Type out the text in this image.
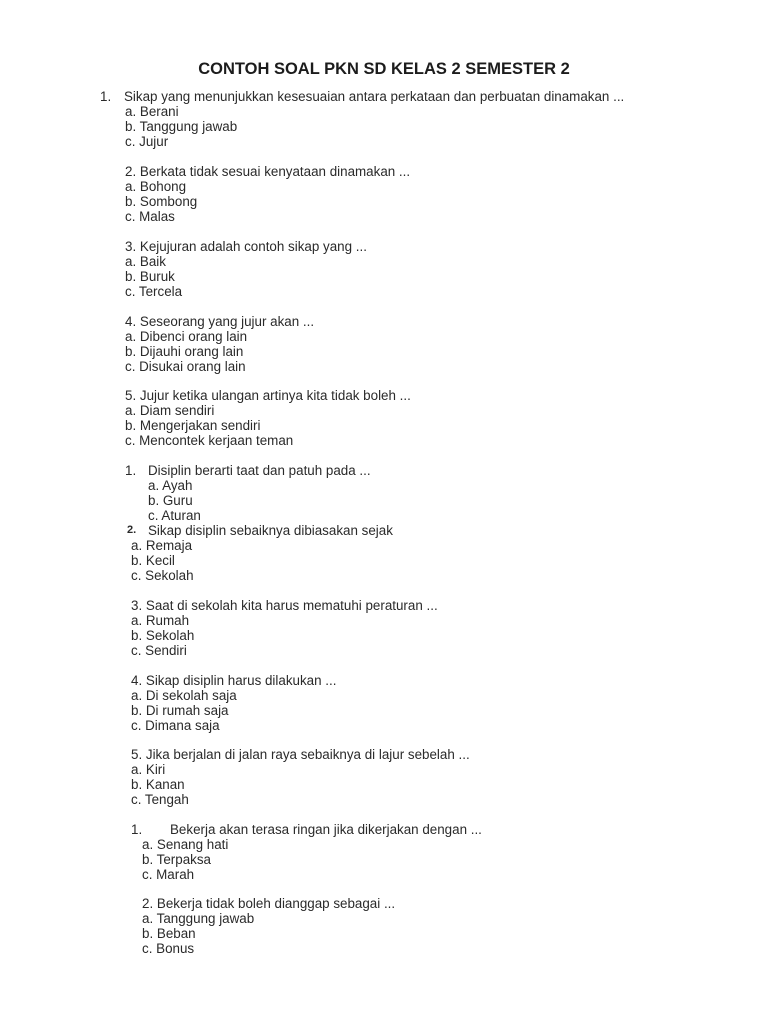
CONTOH SOAL PKN SD KELAS 2 SEMESTER 2
1. Sikap yang menunjukkan kesesuaian antara perkataan dan perbuatan dinamakan ...
a. Berani
b. Tanggung jawab
c. Jujur
2. Berkata tidak sesuai kenyataan dinamakan ...
a. Bohong
b. Sombong
c. Malas
3. Kejujuran adalah contoh sikap yang ...
a. Baik
b. Buruk
c. Tercela
4. Seseorang yang jujur akan ...
a. Dibenci orang lain
b. Dijauhi orang lain
c. Disukai orang lain
5. Jujur ketika ulangan artinya kita tidak boleh ...
a. Diam sendiri
b. Mengerjakan sendiri
c. Mencontek kerjaan teman
1. Disiplin berarti taat dan patuh pada ...
a. Ayah
b. Guru
c. Aturan
2. Sikap disiplin sebaiknya dibiasakan sejak
a. Remaja
b. Kecil
c. Sekolah
3. Saat di sekolah kita harus mematuhi peraturan ...
a. Rumah
b. Sekolah
c. Sendiri
4. Sikap disiplin harus dilakukan ...
a. Di sekolah saja
b. Di rumah saja
c. Dimana saja
5. Jika berjalan di jalan raya sebaiknya di lajur sebelah ...
a. Kiri
b. Kanan
c. Tengah
1. Bekerja akan terasa ringan jika dikerjakan dengan ...
a. Senang hati
b. Terpaksa
c. Marah
2. Bekerja tidak boleh dianggap sebagai ...
a. Tanggung jawab
b. Beban
c. Bonus
